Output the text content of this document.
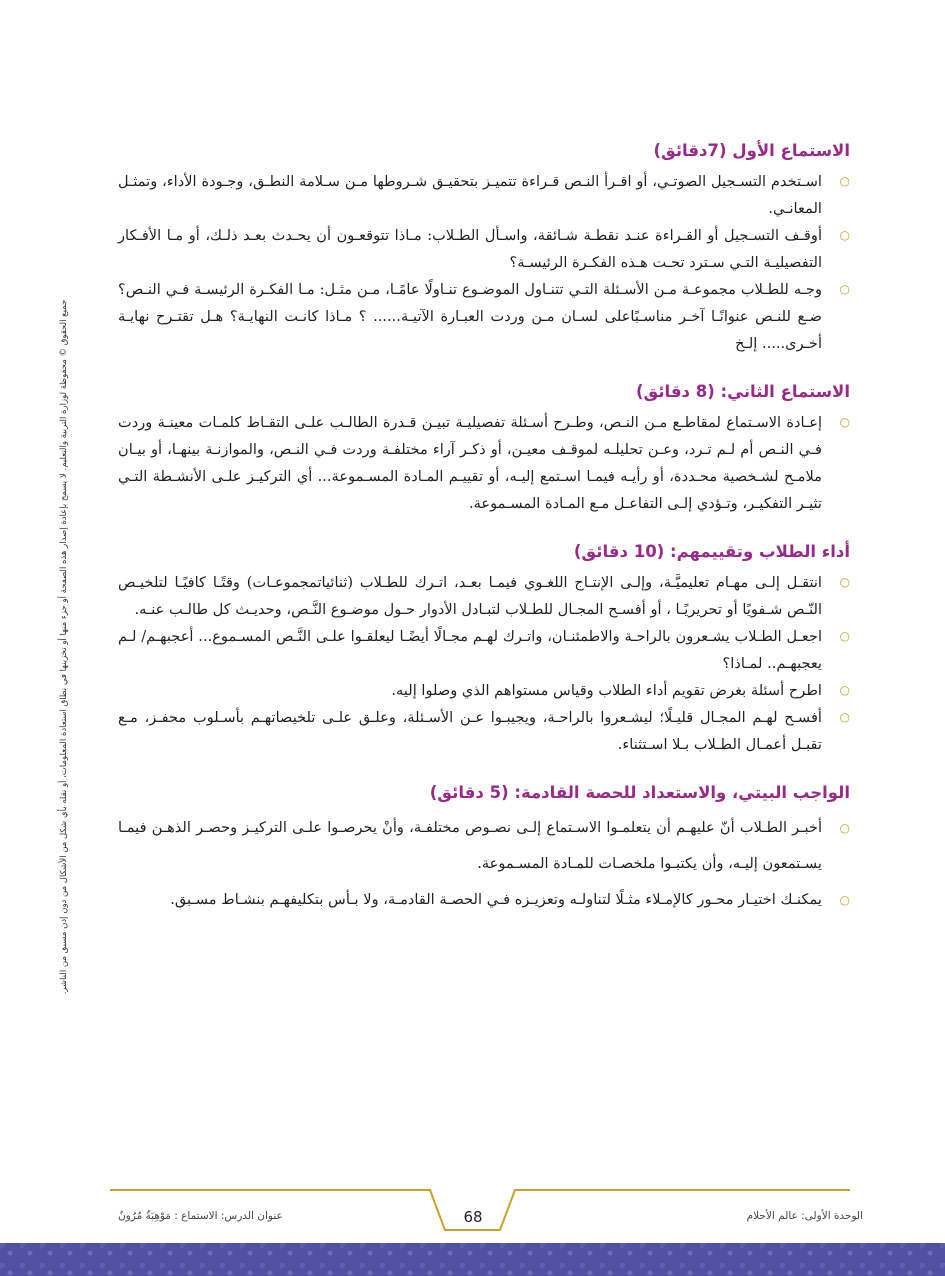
جميع الحقوق © محفوظة لوزارة التربية والتعليم. لا يسمح بإعادة إصدار هذه الصفحة أو جزء منها أو تخزينها في نطاق استعادة المعلومات، أو نقله بأي شكل من الأشكال من دون إذن مسبق من الناشر.
الاستماع الأول (7دقائق)
○
اسـتخدم التسـجيل الصوتـي، أو اقـرأ النـص قـراءة تتميـز بتحقيـق شـروطها مـن سـلامة النطـق، وجـودة الأداء، وتمثـل المعانـي.
○
أوقـف التسـجيل أو القـراءة عنـد نقطـة شـائقة، واسـأل الطـلاب: مـاذا تتوقعـون أن يحـدث بعـد ذلـك، أو مـا الأفـكار التفصيليـة التـي سـترد تحـت هـذه الفكـرة الرئيسـة؟
○
وجـه للطـلاب مجموعـة مـن الأسـئلة التـي تتنـاول الموضـوع تنـاولًا عامًـا، مـن مثـل: مـا الفكـرة الرئيسـة فـي النـص؟ ضـع للنـص عنوانًـا آخـر مناسـبًاعلى لسـان مـن وردت العبـارة الآتيـة...... ؟ مـاذا كانـت النهايـة؟ هـل تقتـرح نهايـة أخـرى..... إلـخ
الاستماع الثاني: (8 دقائق)
○
إعـادة الاسـتماع لمقاطـع مـن النـص، وطـرح أسـئلة تفصيليـة تبيـن قـدرة الطالـب علـى التقـاط كلمـات معينـة وردت فـي النـص أم لـم تـرد، وعـن تحليلـه لموقـف معيـن، أو ذكـر آراء مختلفـة وردت فـي النـص، والموازنـة بينهـا، أو بيـان ملامـح لشـخصية محـددة، أو رأيـه فيمـا اسـتمع إليـه، أو تقييـم المـادة المسـموعة... أي التركيـز علـى الأنشـطة التـي تثيـر التفكيـر، وتـؤدي إلـى التفاعـل مـع المـادة المسـموعة.
أداء الطلاب وتقييمهم: (10 دقائق)
○
انتقـل إلـى مهـام تعليميَّـة، وإلـى الإنتـاج اللغـوي فيمـا بعـد، اتـرك للطـلاب (ثنائياتمجموعـات) وقتًـا كافيًـا لتلخيـص النّـص شـفويًا أو تحريريًـا ، أو أفسـح المجـال للطـلاب لتبـادل الأدوار حـول موضـوع النَّـص، وحديـث كل طالـب عنـه.
○
اجعـل الطـلاب يشـعرون بالراحـة والاطمئنـان، واتـرك لهـم مجـالًا أيضًـا ليعلقـوا علـى النَّـص المسـموع... أعجبهـم/ لـم يعجبهـم.. لمـاذا؟
○
اطرح أسئلة بغرض تقويم أداء الطلاب وقياس مستواهم الذي وصلوا إليه.
○
أفسـح لهـم المجـال قليـلًا؛ ليشـعروا بالراحـة، ويجيبـوا عـن الأسـئلة، وعلـق علـى تلخيصاتهـم بأسـلوب محفـز، مـع تقبـل أعمـال الطـلاب بـلا اسـتثناء.
الواجب البيتي، والاستعداد للحصة القادمة: (5 دقائق)
○
أخبـر الطـلاب أنّ عليهـم أن يتعلمـوا الاسـتماع إلـى نصـوص مختلفـة، وأنْ يحرصـوا علـى التركيـز وحصـر الذهـن فيمـا يسـتمعون إليـه، وأن يكتبـوا ملخصـات للمـادة المسـموعة.
○
يمكنـك اختيـار محـور كالإمـلاء مثـلًا لتناولـه وتعزيـزه فـي الحصـة القادمـة، ولا بـأس بتكليفهـم بنشـاط مسـبق.
الوحدة الأولى: عالم الأحلام
68
عنوان الدرس: الاستماع : مَوْهِبَةٌ مُرُونٌ
